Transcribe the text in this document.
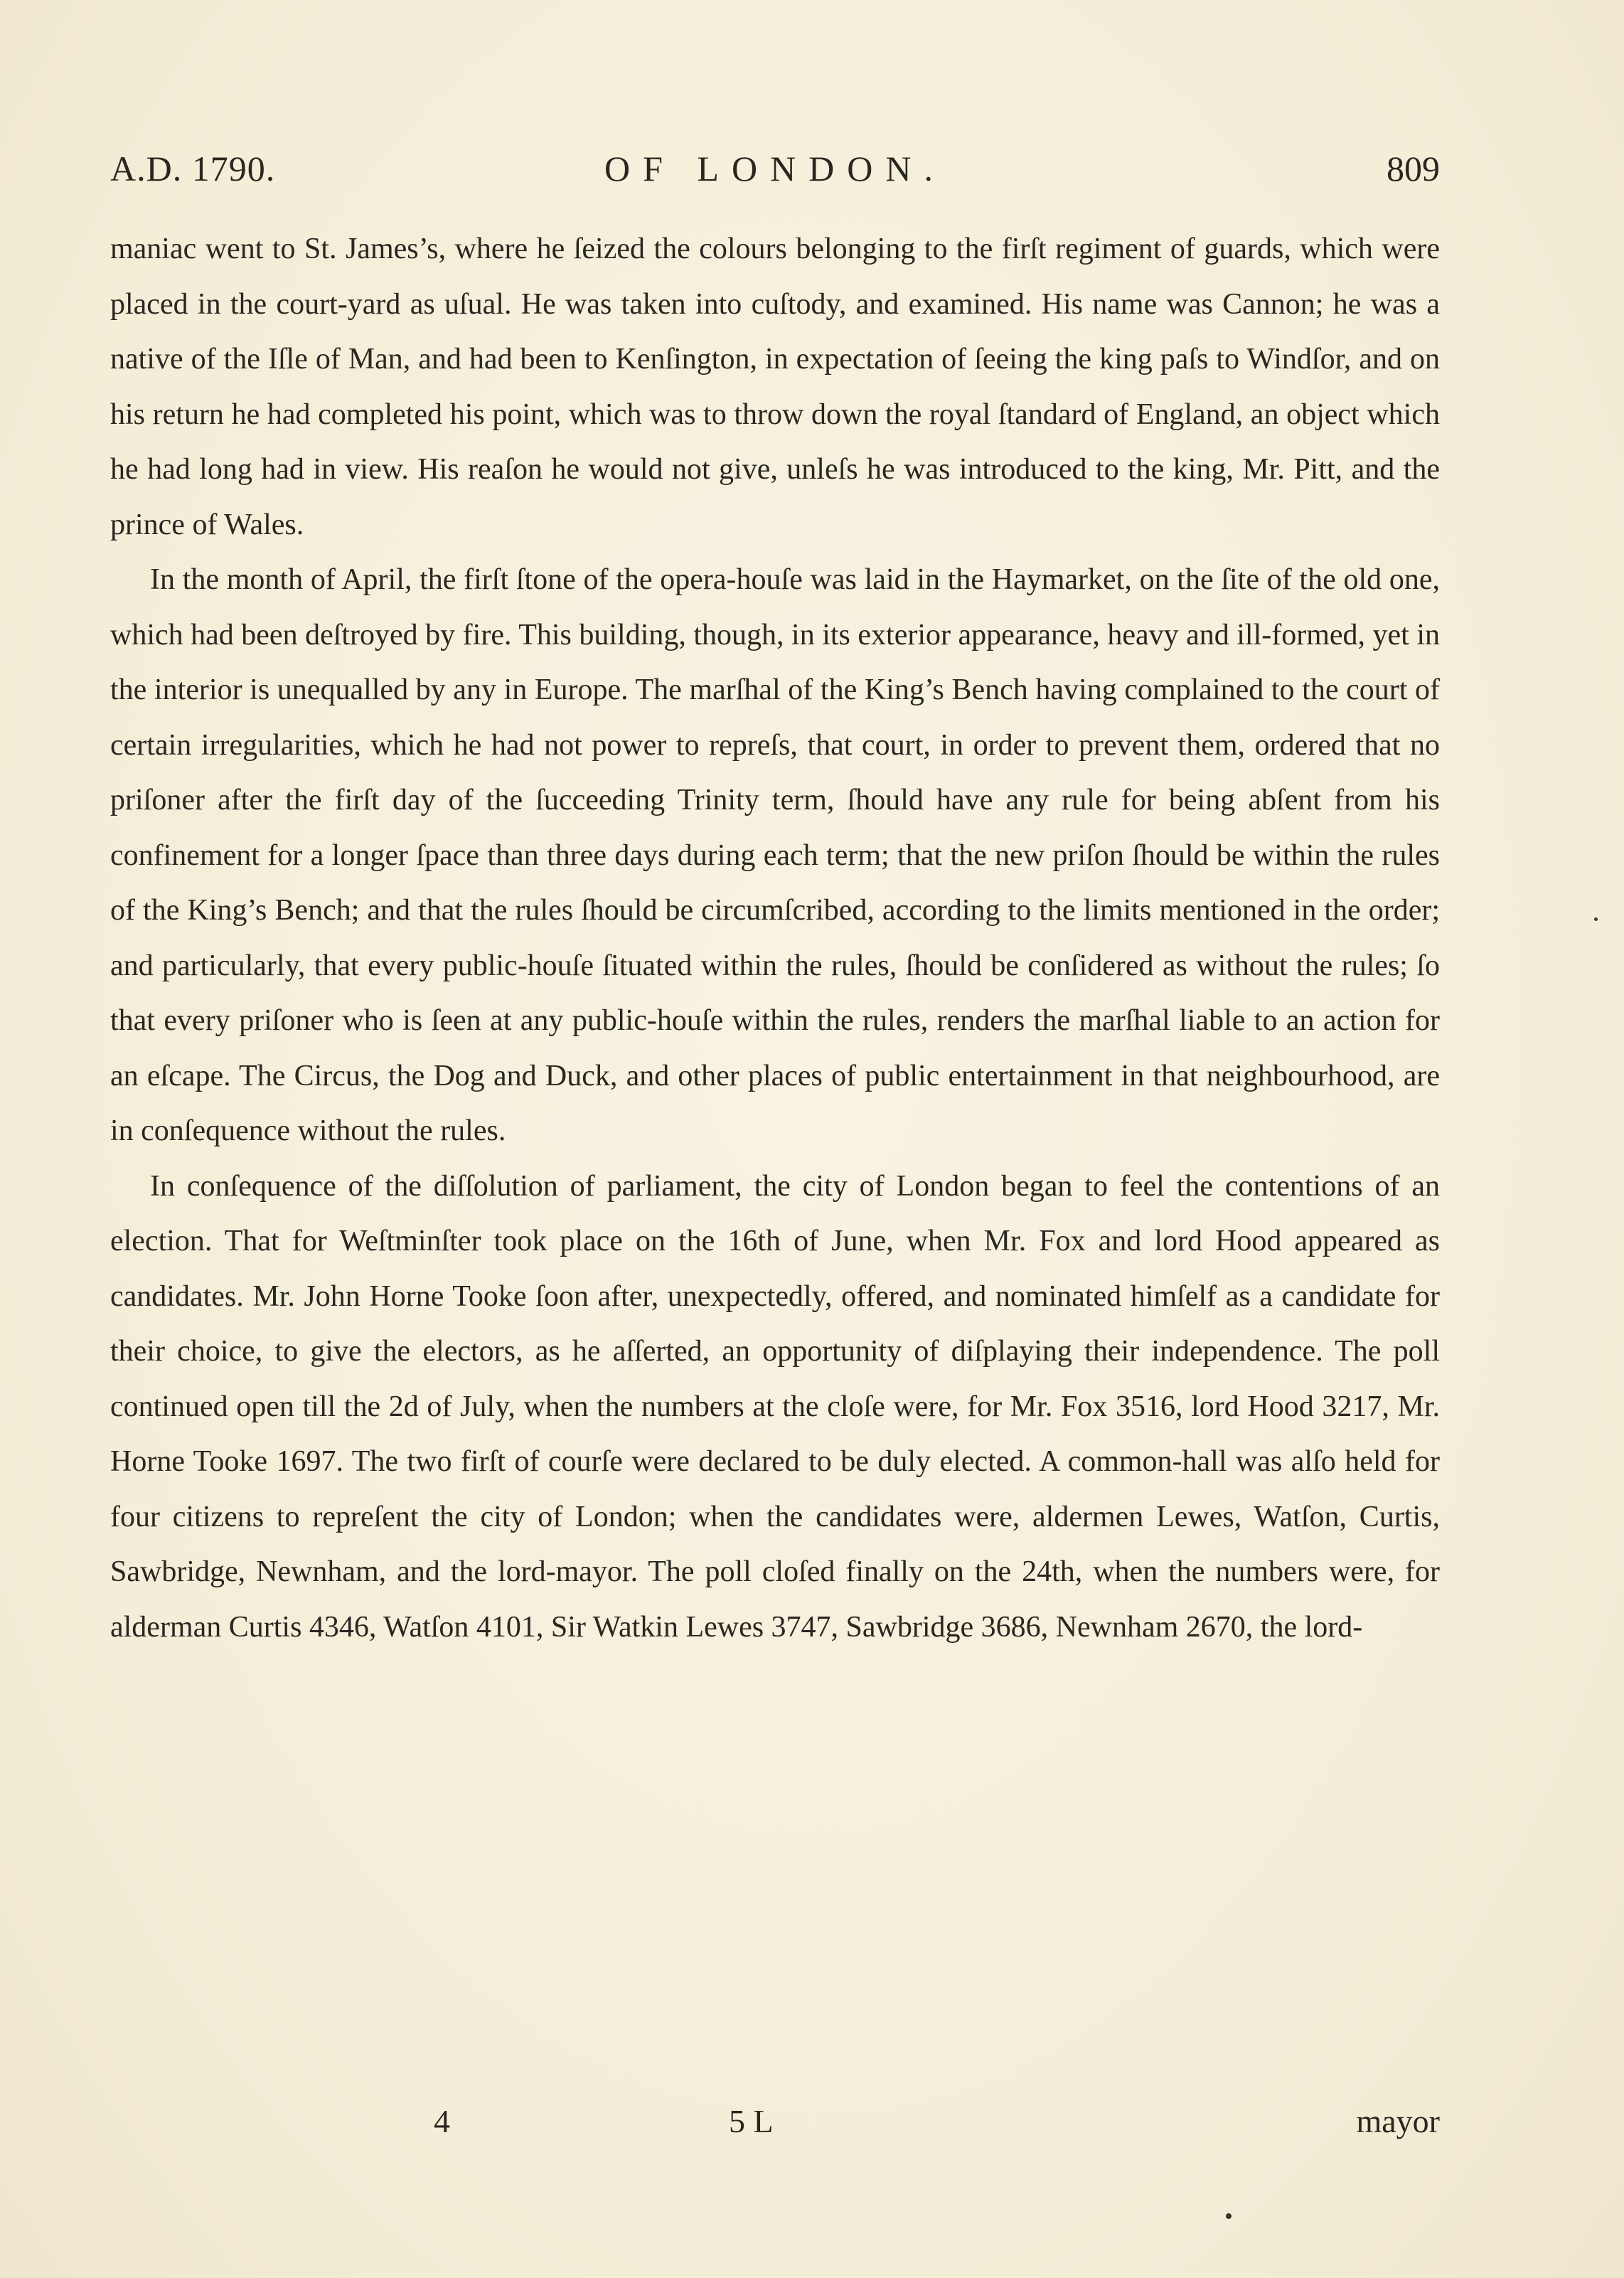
A.D. 1790.	OF LONDON.	809

maniac went to St. James’s, where he ſeized the colours belonging to the firſt regiment of guards, which were placed in the court-yard as uſual. He was taken into cuſtody, and examined. His name was Cannon; he was a native of the Iſle of Man, and had been to Kenſington, in expectation of ſeeing the king paſs to Windſor, and on his return he had completed his point, which was to throw down the royal ſtandard of England, an object which he had long had in view. His reaſon he would not give, unleſs he was introduced to the king, Mr. Pitt, and the prince of Wales.

In the month of April, the firſt ſtone of the opera-houſe was laid in the Haymarket, on the ſite of the old one, which had been deſtroyed by fire. This building, though, in its exterior appearance, heavy and ill-formed, yet in the interior is unequalled by any in Europe. The marſhal of the King’s Bench having complained to the court of certain irregularities, which he had not power to repreſs, that court, in order to prevent them, ordered that no priſoner after the firſt day of the ſucceeding Trinity term, ſhould have any rule for being abſent from his confinement for a longer ſpace than three days during each term; that the new priſon ſhould be within the rules of the King’s Bench; and that the rules ſhould be circumſcribed, according to the limits mentioned in the order; and particularly, that every public-houſe ſituated within the rules, ſhould be conſidered as without the rules; ſo that every priſoner who is ſeen at any public-houſe within the rules, renders the marſhal liable to an action for an eſcape. The Circus, the Dog and Duck, and other places of public entertainment in that neighbourhood, are in conſequence without the rules.

In conſequence of the diſſolution of parliament, the city of London began to feel the contentions of an election. That for Weſtminſter took place on the 16th of June, when Mr. Fox and lord Hood appeared as candidates. Mr. John Horne Tooke ſoon after, unexpectedly, offered, and nominated himſelf as a candidate for their choice, to give the electors, as he aſſerted, an opportunity of diſplaying their independence. The poll continued open till the 2d of July, when the numbers at the cloſe were, for Mr. Fox 3516, lord Hood 3217, Mr. Horne Tooke 1697. The two firſt of courſe were declared to be duly elected. A common-hall was alſo held for four citizens to repreſent the city of London; when the candidates were, aldermen Lewes, Watſon, Curtis, Sawbridge, Newnham, and the lord-mayor. The poll cloſed finally on the 24th, when the numbers were, for alderman Curtis 4346, Watſon 4101, Sir Watkin Lewes 3747, Sawbridge 3686, Newnham 2670, the lord-

4	5 L	mayor
